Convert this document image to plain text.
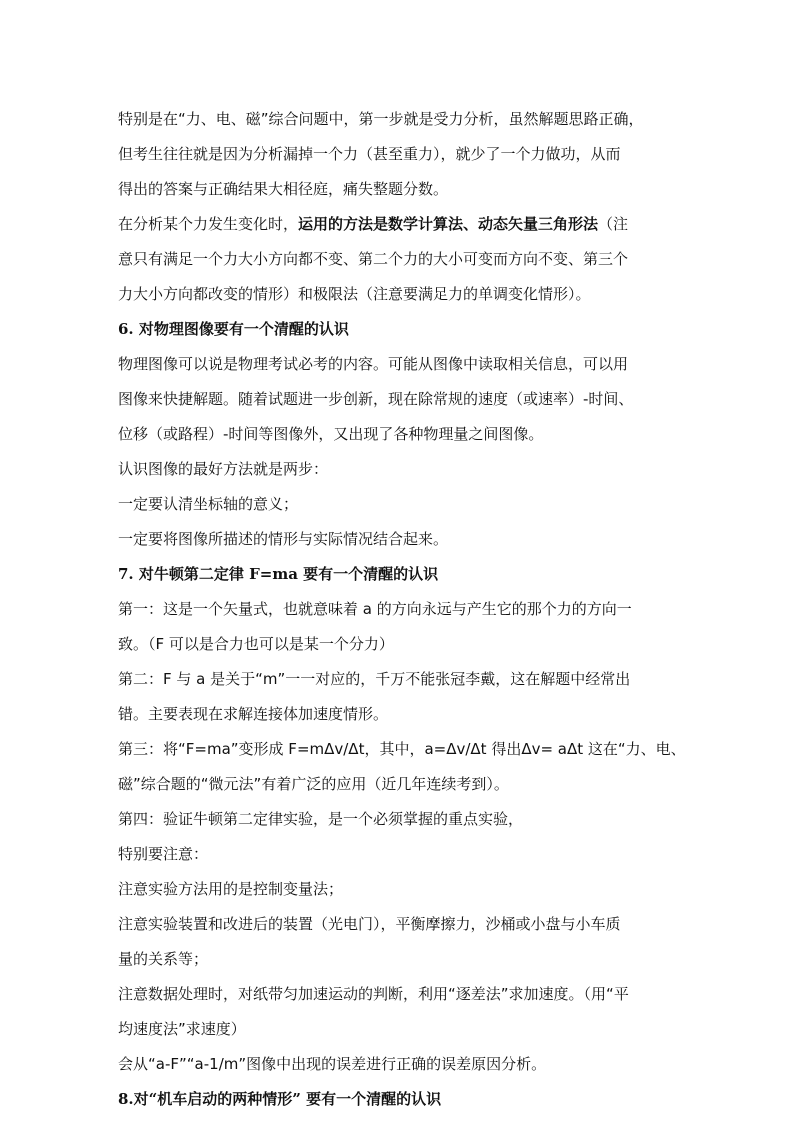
特别是在“力、电、磁”综合问题中，第一步就是受力分析，虽然解题思路正确，

但考生往往就是因为分析漏掉一个力（甚至重力），就少了一个力做功，从而

得出的答案与正确结果大相径庭，痛失整题分数。

在分析某个力发生变化时，运用的方法是数学计算法、动态矢量三角形法（注

意只有满足一个力大小方向都不变、第二个力的大小可变而方向不变、第三个

力大小方向都改变的情形）和极限法（注意要满足力的单调变化情形）。

6. 对物理图像要有一个清醒的认识

物理图像可以说是物理考试必考的内容。可能从图像中读取相关信息，可以用

图像来快捷解题。随着试题进一步创新，现在除常规的速度（或速率）-时间、

位移（或路程）-时间等图像外，又出现了各种物理量之间图像。

认识图像的最好方法就是两步：

一定要认清坐标轴的意义；

一定要将图像所描述的情形与实际情况结合起来。

7. 对牛顿第二定律 F=ma 要有一个清醒的认识

第一：这是一个矢量式，也就意味着 a 的方向永远与产生它的那个力的方向一

致。（F 可以是合力也可以是某一个分力）

第二：F 与 a 是关于“m”一一对应的，千万不能张冠李戴，这在解题中经常出

错。主要表现在求解连接体加速度情形。

第三：将“F=ma”变形成 F=mΔv/Δt，其中，a=Δv/Δt 得出Δv= aΔt 这在“力、电、

磁”综合题的“微元法”有着广泛的应用（近几年连续考到）。

第四：验证牛顿第二定律实验，是一个必须掌握的重点实验，

特别要注意：

注意实验方法用的是控制变量法；

注意实验装置和改进后的装置（光电门），平衡摩擦力，沙桶或小盘与小车质

量的关系等；

注意数据处理时，对纸带匀加速运动的判断，利用“逐差法”求加速度。（用“平

均速度法”求速度）

会从“a-F”“a-1/m”图像中出现的误差进行正确的误差原因分析。

8.对“机车启动的两种情形” 要有一个清醒的认识
